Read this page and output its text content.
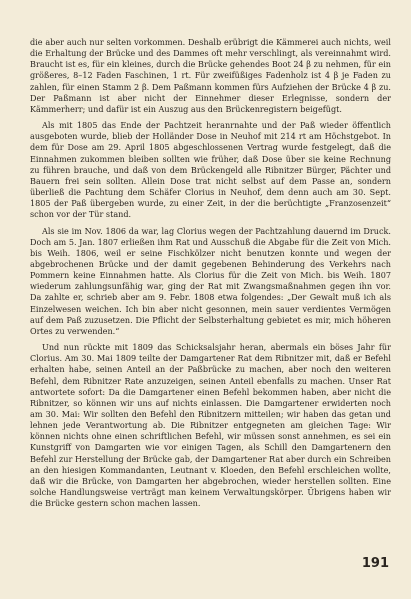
die aber auch nur selten vorkommen. Deshalb erübrigt die Kämmerei auch nichts, weil die Erhaltung der Brücke und des Dammes oft mehr verschlingt, als vereinnahmt wird. Braucht ist es, für ein kleines, durch die Brücke gehendes Boot 24 β zu nehmen, für ein größeres, 8–12 Faden Faschinen, 1 rt. Für zweifüßiges Fadenholz ist 4 β je Faden zu zahlen, für einen Stamm 2 β. Dem Paßmann kommen fürs Aufziehen der Brücke 4 β zu. Der Paßmann ist aber nicht der Einnehmer dieser Erlegnisse, sondern der Kämmerherr; und dafür ist ein Auszug aus den Brückenregistern beigefügt.

Als mit 1805 das Ende der Pachtzeit heranrnahte und der Paß wieder öffentlich ausgeboten wurde, blieb der Holländer Dose in Neuhof mit 214 rt am Höchstgebot. In dem für Dose am 29. April 1805 abgeschlossenen Vertrag wurde festgelegt, daß die Einnahmen zukommen bleiben sollten wie früher, daß Dose über sie keine Rechnung zu führen brauche, und daß von dem Brückengeld alle Ribnitzer Bürger, Pächter und Bauern frei sein sollten. Allein Dose trat nicht selbst auf dem Passe an, sondern überließ die Pachtung dem Schäfer Clorius in Neuhof, dem denn auch am 30. Sept. 1805 der Paß übergeben wurde, zu einer Zeit, in der die berüchtigte „Franzosenzeit“ schon vor der Tür stand.

Als sie im Nov. 1806 da war, lag Clorius wegen der Pachtzahlung dauernd im Druck. Doch am 5. Jan. 1807 erließen ihm Rat und Ausschuß die Abgabe für die Zeit von Mich. bis Weih. 1806, weil er seine Fischkölzer nicht benutzen konnte und wegen der abgebrochenen Brücke und der damit gegebenen Behinderung des Verkehrs nach Pommern keine Einnahmen hatte. Als Clorius für die Zeit von Mich. bis Weih. 1807 wiederum zahlungsunfähig war, ging der Rat mit Zwangsmaßnahmen gegen ihn vor. Da zahlte er, schrieb aber am 9. Febr. 1808 etwa folgendes: „Der Gewalt muß ich als Einzelwesen weichen. Ich bin aber nicht gesonnen, mein sauer verdientes Vermögen auf dem Paß zuzusetzen. Die Pflicht der Selbsterhaltung gebietet es mir, mich höheren Ortes zu verwenden.“

Und nun rückte mit 1809 das Schicksalsjahr heran, abermals ein böses Jahr für Clorius. Am 30. Mai 1809 teilte der Damgartener Rat dem Ribnitzer mit, daß er Befehl erhalten habe, seinen Anteil an der Paßbrücke zu machen, aber noch den weiteren Befehl, dem Ribnitzer Rate anzuzeigen, seinen Anteil ebenfalls zu machen. Unser Rat antwortete sofort: Da die Damgartener einen Befehl bekommen haben, aber nicht die Ribnitzer, so können wir uns auf nichts einlassen. Die Damgartener erwiderten noch am 30. Mai: Wir sollten den Befehl den Ribnitzern mitteilen; wir haben das getan und lehnen jede Verantwortung ab. Die Ribnitzer entgegneten am gleichen Tage: Wir können nichts ohne einen schriftlichen Befehl, wir müssen sonst annehmen, es sei ein Kunstgriff von Damgarten wie vor einigen Tagen, als Schill den Damgartenern den Befehl zur Herstellung der Brücke gab, der Damgartener Rat aber durch ein Schreiben an den hiesigen Kommandanten, Leutnant v. Kloeden, den Befehl erschleichen wollte, daß wir die Brücke, von Damgarten her abgebrochen, wieder herstellen sollten. Eine solche Handlungsweise verträgt man keinem Verwaltungskörper. Übrigens haben wir die Brücke gestern schon machen lassen.

191
